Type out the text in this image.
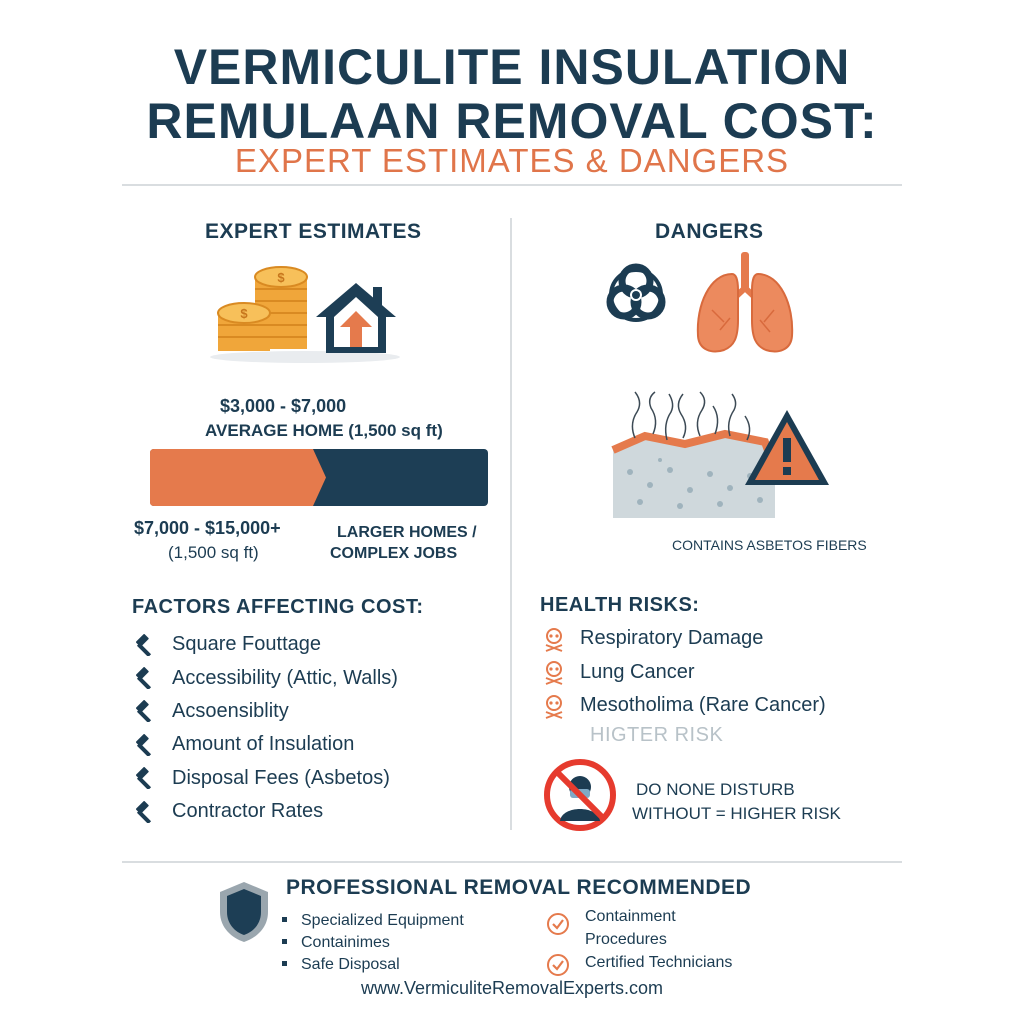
VERMICULITE INSULATION
REMULAAN REMOVAL COST:
EXPERT ESTIMATES & DANGERS
EXPERT ESTIMATES
$
$
$3,000 - $7,000
AVERAGE HOME (1,500 sq ft)
$7,000 - $15,000+
(1,500 sq ft)
LARGER HOMES /
COMPLEX JOBS
FACTORS AFFECTING COST:
Square Fouttage
Accessibility (Attic, Walls)
Acsoensiblity
Amount of Insulation
Disposal Fees (Asbetos)
Contractor Rates
DANGERS
CONTAINS ASBETOS FIBERS
HEALTH RISKS:
Respiratory Damage
Lung Cancer
Mesotholima (Rare Cancer)
HIGTER RISK
DO NONE DISTURB
WITHOUT = HIGHER RISK
PROFESSIONAL REMOVAL RECOMMENDED
Specialized Equipment
Containimes
Safe Disposal
Containment
Procedures
Certified Technicians
www.VermiculiteRemovalExperts.com
